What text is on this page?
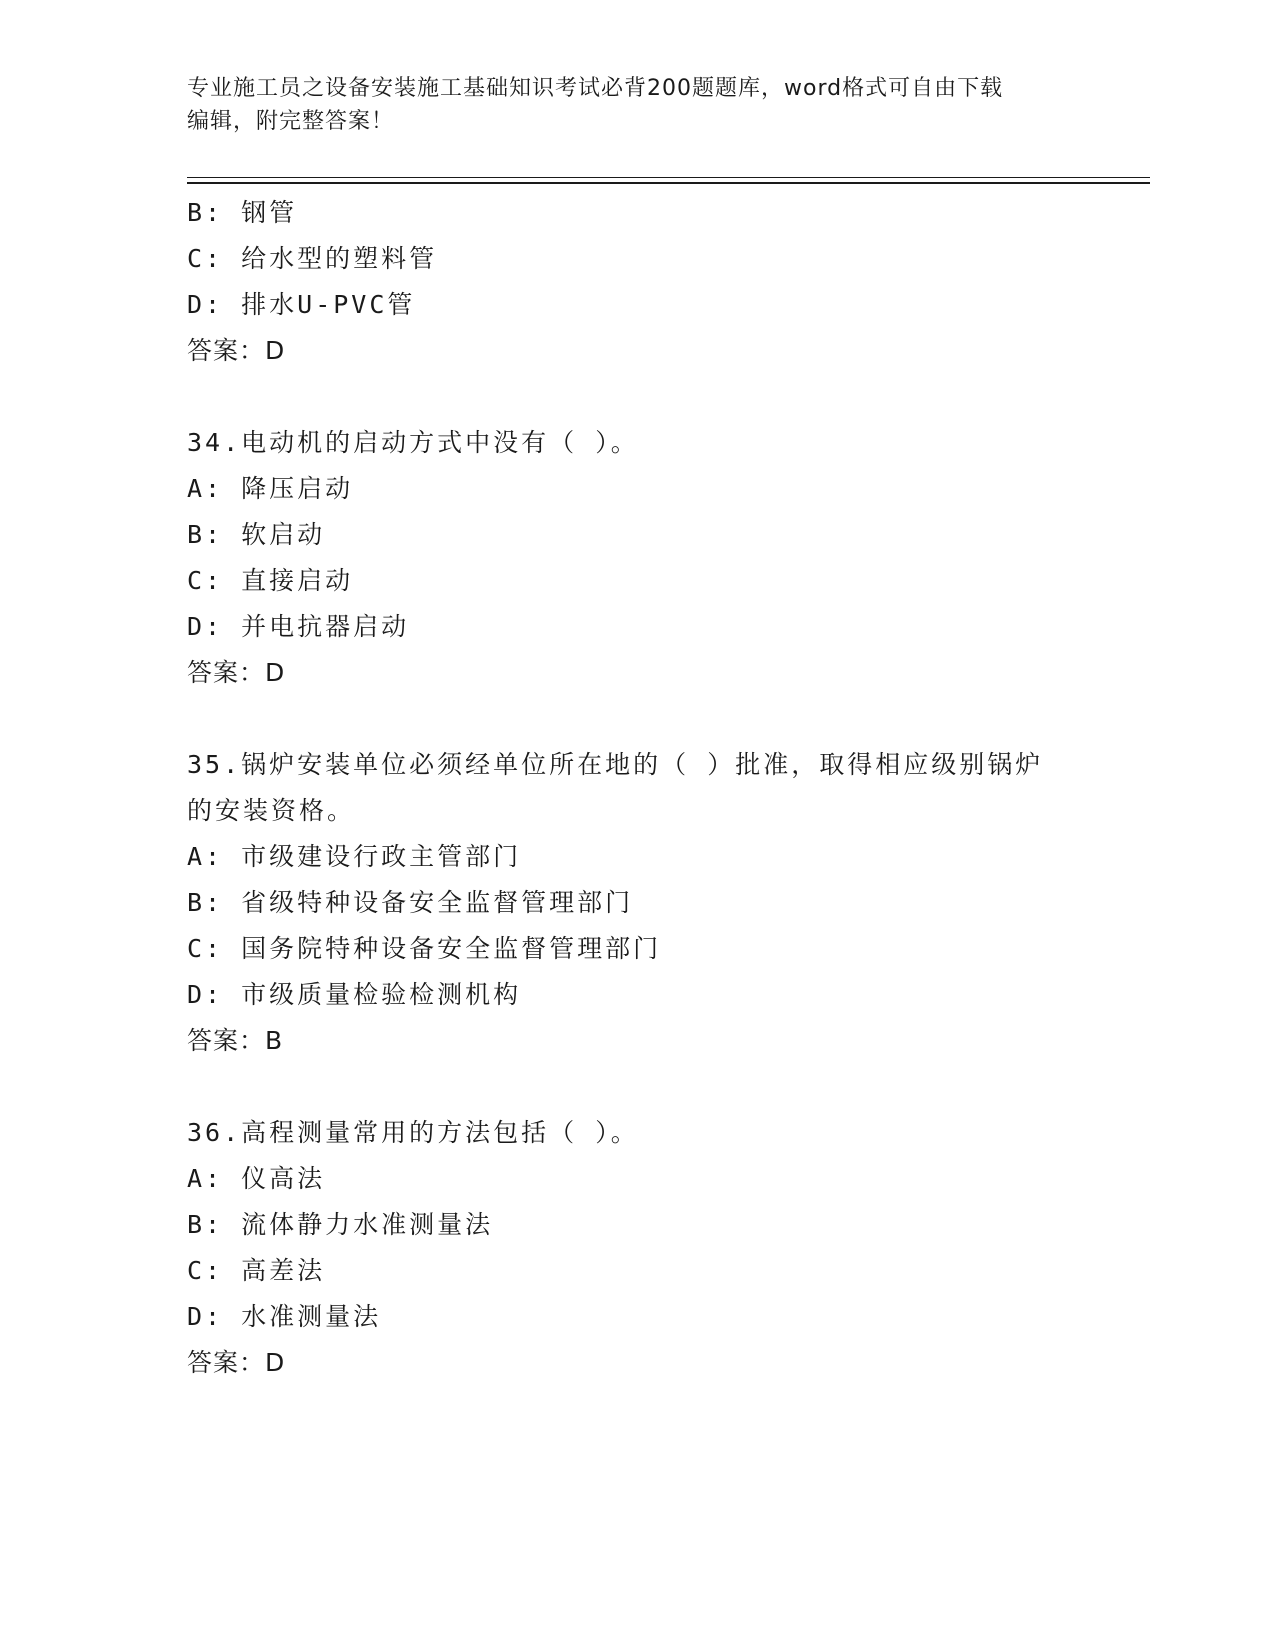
专业施工员之设备安装施工基础知识考试必背200题题库，word格式可自由下载
编辑，附完整答案！
B: 钢管
C: 给水型的塑料管
D: 排水U-PVC管
答案：D
34.电动机的启动方式中没有（ ）。
A: 降压启动
B: 软启动
C: 直接启动
D: 并电抗器启动
答案：D
35.锅炉安装单位必须经单位所在地的（ ）批准，取得相应级别锅炉
的安装资格。
A: 市级建设行政主管部门
B: 省级特种设备安全监督管理部门
C: 国务院特种设备安全监督管理部门
D: 市级质量检验检测机构
答案：B
36.高程测量常用的方法包括（ ）。
A: 仪高法
B: 流体静力水准测量法
C: 高差法
D: 水准测量法
答案：D
